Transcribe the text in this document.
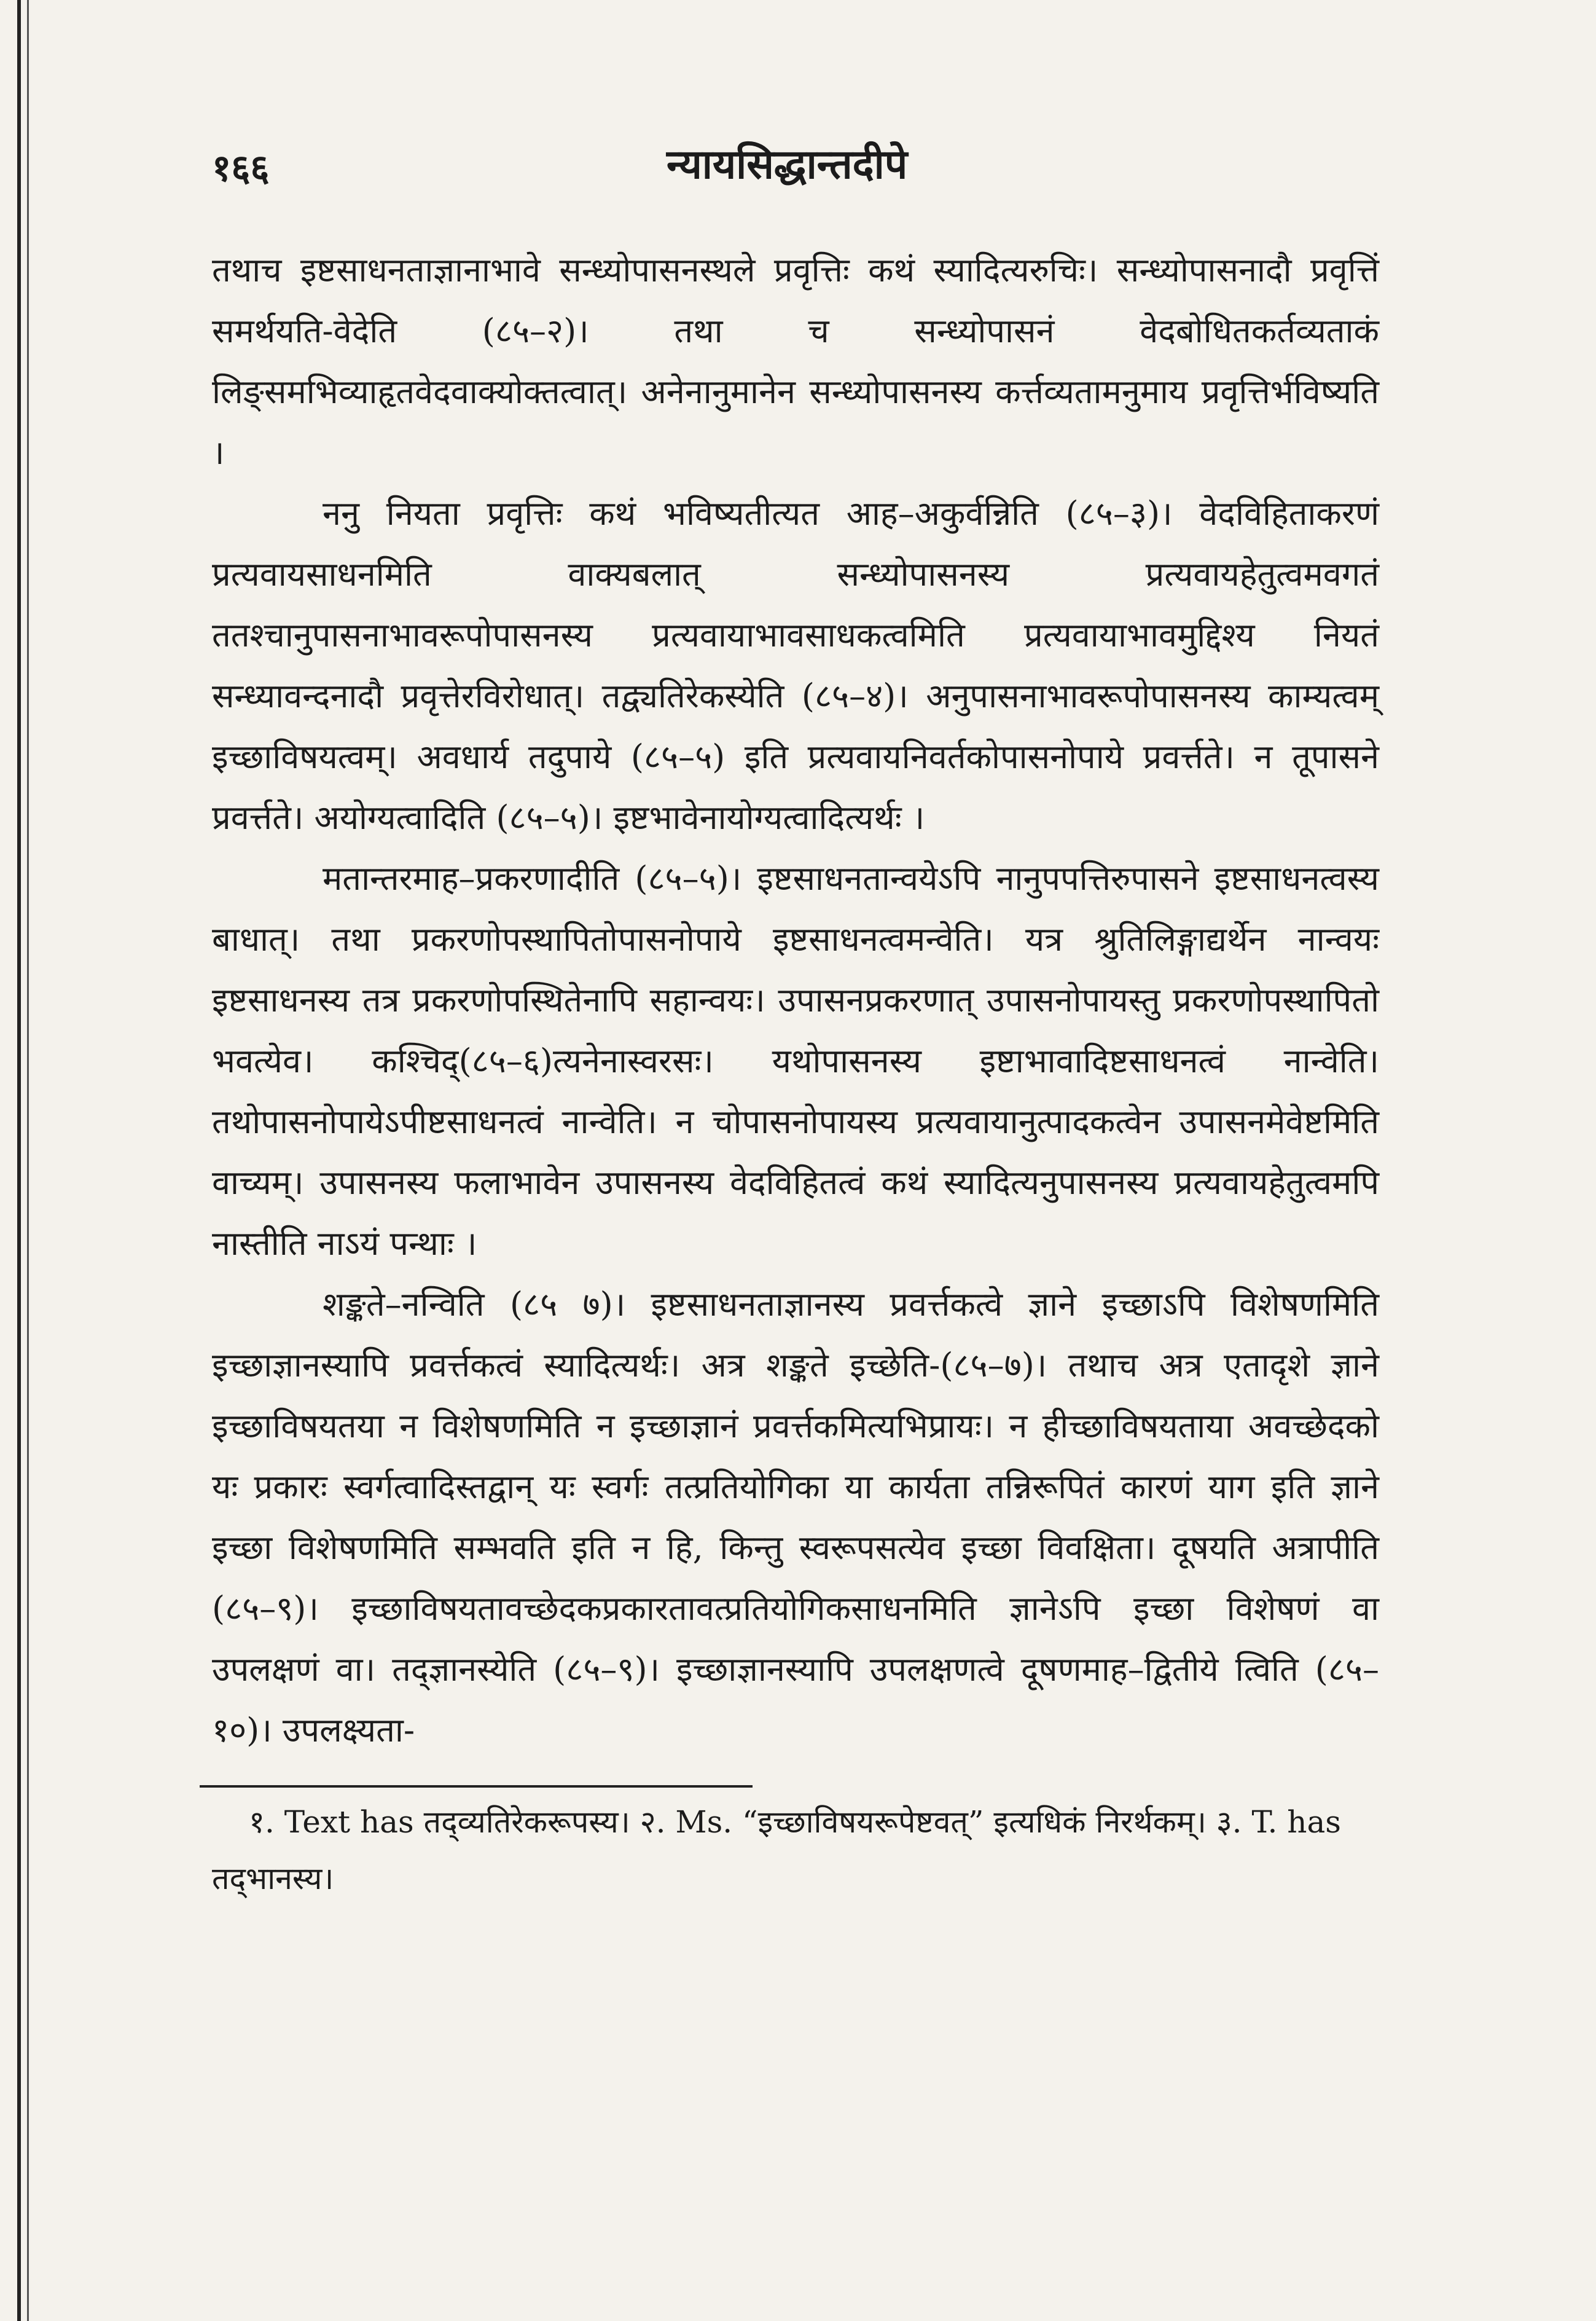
१६६	न्यायसिद्धान्तदीपे

तथाच इष्टसाधनताज्ञानाभावे सन्ध्योपासनस्थले प्रवृत्तिः कथं स्यादित्यरुचिः। सन्ध्योपासनादौ प्रवृत्तिं समर्थयति-वेदेति (८५–२)। तथा च सन्ध्योपासनं वेदबोधितकर्तव्यताकं लिङ्समभिव्याहृतवेदवाक्योक्तत्वात्। अनेनानुमानेन सन्ध्योपासनस्य कर्त्तव्यतामनुमाय प्रवृत्तिर्भविष्यति ।

ननु नियता प्रवृत्तिः कथं भविष्यतीत्यत आह–अकुर्वन्निति (८५–३)। वेदविहिताकरणं प्रत्यवायसाधनमिति वाक्यबलात् सन्ध्योपासनस्य प्रत्यवायहेतुत्वमवगतं ततश्चानुपासनाभावरूपोपासनस्य प्रत्यवायाभावसाधकत्वमिति प्रत्यवायाभावमुद्दिश्य नियतं सन्ध्यावन्दनादौ प्रवृत्तेरविरोधात्। तद्व्यतिरेकस्येति (८५–४)। अनुपासनाभावरूपोपासनस्य काम्यत्वम् इच्छाविषयत्वम्। अवधार्य तदुपाये (८५–५) इति प्रत्यवायनिवर्तकोपासनोपाये प्रवर्त्तते। न तूपासने प्रवर्त्तते। अयोग्यत्वादिति (८५–५)। इष्टभावेनायोग्यत्वादित्यर्थः ।

मतान्तरमाह–प्रकरणादीति (८५–५)। इष्टसाधनतान्वयेऽपि नानुपपत्तिरुपासने इष्टसाधनत्वस्य बाधात्। तथा प्रकरणोपस्थापितोपासनोपाये इष्टसाधनत्वमन्वेति। यत्र श्रुतिलिङ्गाद्यर्थेन नान्वयः इष्टसाधनस्य तत्र प्रकरणोपस्थितेनापि सहान्वयः। उपासनप्रकरणात् उपासनोपायस्तु प्रकरणोपस्थापितो भवत्येव। कश्चिद्(८५–६)त्यनेनास्वरसः। यथोपासनस्य इष्टाभावादिष्टसाधनत्वं नान्वेति। तथोपासनोपायेऽपीष्टसाधनत्वं नान्वेति। न चोपासनोपायस्य प्रत्यवायानुत्पादकत्वेन उपासनमेवेष्टमिति वाच्यम्। उपासनस्य फलाभावेन उपासनस्य वेदविहितत्वं कथं स्यादित्यनुपासनस्य प्रत्यवायहेतुत्वमपि नास्तीति नाऽयं पन्थाः ।

शङ्कते–नन्विति (८५ ७)। इष्टसाधनताज्ञानस्य प्रवर्त्तकत्वे ज्ञाने इच्छाऽपि विशेषणमिति इच्छाज्ञानस्यापि प्रवर्त्तकत्वं स्यादित्यर्थः। अत्र शङ्कते इच्छेति-(८५–७)। तथाच अत्र एतादृशे ज्ञाने इच्छाविषयतया न विशेषणमिति न इच्छाज्ञानं प्रवर्त्तकमित्यभिप्रायः। न हीच्छाविषयताया अवच्छेदको यः प्रकारः स्वर्गत्वादिस्तद्वान् यः स्वर्गः तत्प्रतियोगिका या कार्यता तन्निरूपितं कारणं याग इति ज्ञाने इच्छा विशेषणमिति सम्भवति इति न हि, किन्तु स्वरूपसत्येव इच्छा विवक्षिता। दूषयति अत्रापीति (८५–९)। इच्छाविषयतावच्छेदकप्रकारतावत्प्रतियोगिकसाधनमिति ज्ञानेऽपि इच्छा विशेषणं वा उपलक्षणं वा। तद्‌ज्ञानस्येति (८५–९)। इच्छाज्ञानस्यापि उपलक्षणत्वे दूषणमाह–द्वितीये त्विति (८५–१०)। उपलक्ष्यता-

१. Text has तद्‌व्यतिरेकरूपस्य। २. Ms. “इच्छाविषयरूपेष्टवत्” इत्यधिकं निरर्थकम्। ३. T. has तद्‌भानस्य।
